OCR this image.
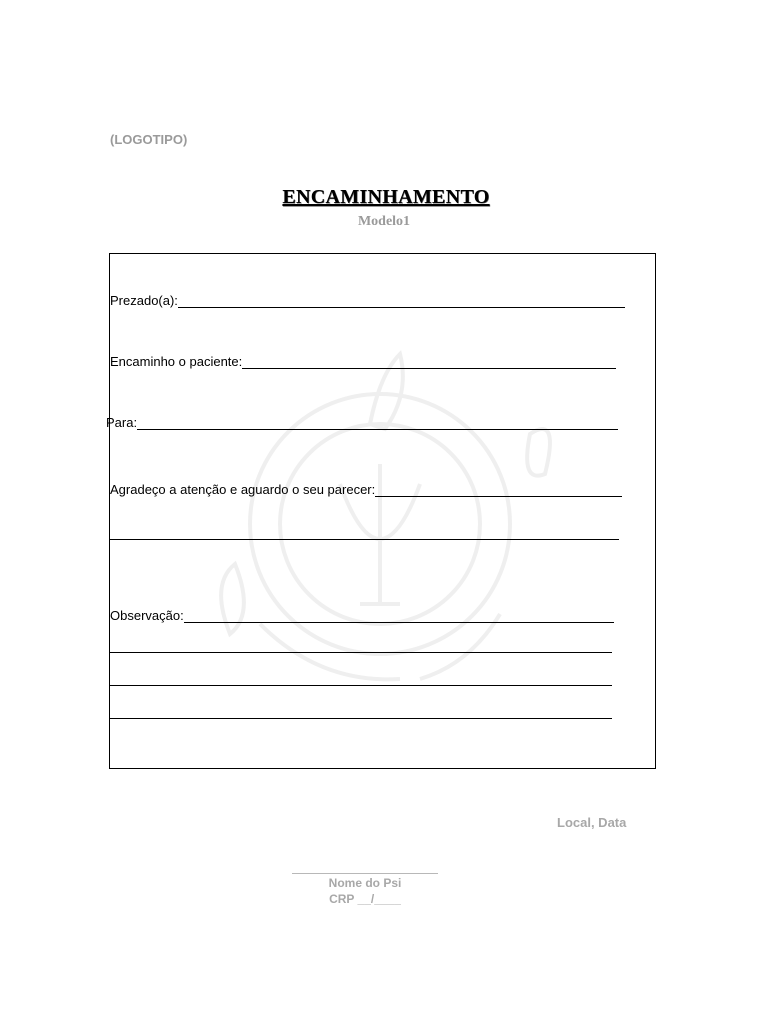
(LOGOTIPO)
ENCAMINHAMENTO
Modelo1
Prezado(a):
Encaminho o paciente:
Para:
Agradeço a atenção e aguardo o seu parecer:
Observação:
Local, Data
Nome do Psi
CRP __/____
